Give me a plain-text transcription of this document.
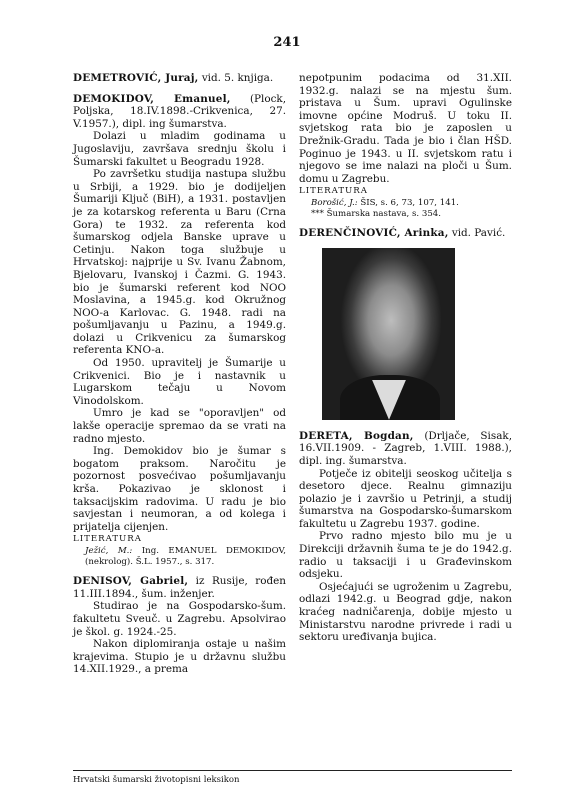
241

DEMETROVIĆ, Juraj, vid. 5. knjiga.

DEMOKIDOV, Emanuel, (Plock, Poljska, 18.IV.1898.-Crikvenica, 27. V.1957.), dipl. ing šumarstva.

Dolazi u mladim godinama u Jugoslaviju, završava srednju školu i Šumarski fakultet u Beogradu 1928.

Po završetku studija nastupa službu u Srbiji, a 1929. bio je dodijeljen Šumariji Ključ (BiH), a 1931. postavljen je za kotarskog referenta u Baru (Crna Gora) te 1932. za referenta kod šumarskog odjela Banske uprave u Cetinju. Nakon toga službuje u Hrvatskoj: najprije u Sv. Ivanu Žabnom, Bjelovaru, Ivanskoj i Čazmi. G. 1943. bio je šumarski referent kod NOO Moslavina, a 1945.g. kod Okružnog NOO-a Karlovac. G. 1948. radi na pošumljavanju u Pazinu, a 1949.g. dolazi u Crikvenicu za šumarskog referenta KNO-a.

Od 1950. upravitelj je Šumarije u Crikvenici. Bio je i nastavnik u Lugarskom tečaju u Novom Vinodolskom.

Umro je kad se "oporavljen" od lakše operacije spremao da se vrati na radno mjesto.

Ing. Demokidov bio je šumar s bogatom praksom. Naročitu je pozornost posvećivao pošumljavanju krša. Pokazivao je sklonost i taksacijskim radovima. U radu je bio savjestan i neumoran, a od kolega i prijatelja cijenjen.

LITERATURA

Ježić, M.: Ing. EMANUEL DEMOKIDOV, (nekrolog). Š.L. 1957., s. 317.

DENISOV, Gabriel, iz Rusije, rođen 11.III.1894., šum. inženjer.

Studirao je na Gospodarsko-šum. fakultetu Sveuč. u Zagrebu. Apsolvirao je škol. g. 1924.-25.

Nakon diplomiranja ostaje u našim krajevima. Stupio je u državnu službu 14.XII.1929., a prema

nepotpunim podacima od 31.XII. 1932.g. nalazi se na mjestu šum. pristava u Šum. upravi Ogulinske imovne općine Modruš. U toku II. svjetskog rata bio je zaposlen u Drežnik-Gradu. Tada je bio i član HŠD. Poginuo je 1943. u II. svjetskom ratu i njegovo se ime nalazi na ploči u Šum. domu u Zagrebu.

LITERATURA

Borošić, J.: ŠIS, s. 6, 73, 107, 141.

*** Šumarska nastava, s. 354.

DERENČINOVIĆ, Arinka, vid. Pavić.

DERETA, Bogdan, (Drljače, Sisak, 16.VII.1909. - Zagreb, 1.VIII. 1988.), dipl. ing. šumarstva.

Potječe iz obitelji seoskog učitelja s desetoro djece. Realnu gimnaziju polazio je i završio u Petrinji, a studij šumarstva na Gospodarsko-šumarskom fakultetu u Zagrebu 1937. godine.

Prvo radno mjesto bilo mu je u Direkciji državnih šuma te je do 1942.g. radio u taksaciji i u Građevinskom odsjeku.

Osjećajući se ugroženim u Zagrebu, odlazi 1942.g. u Beograd gdje, nakon kraćeg nadničarenja, dobije mjesto u Ministarstvu narodne privrede i radi u sektoru uređivanja bujica.

Hrvatski šumarski životopisni leksikon
